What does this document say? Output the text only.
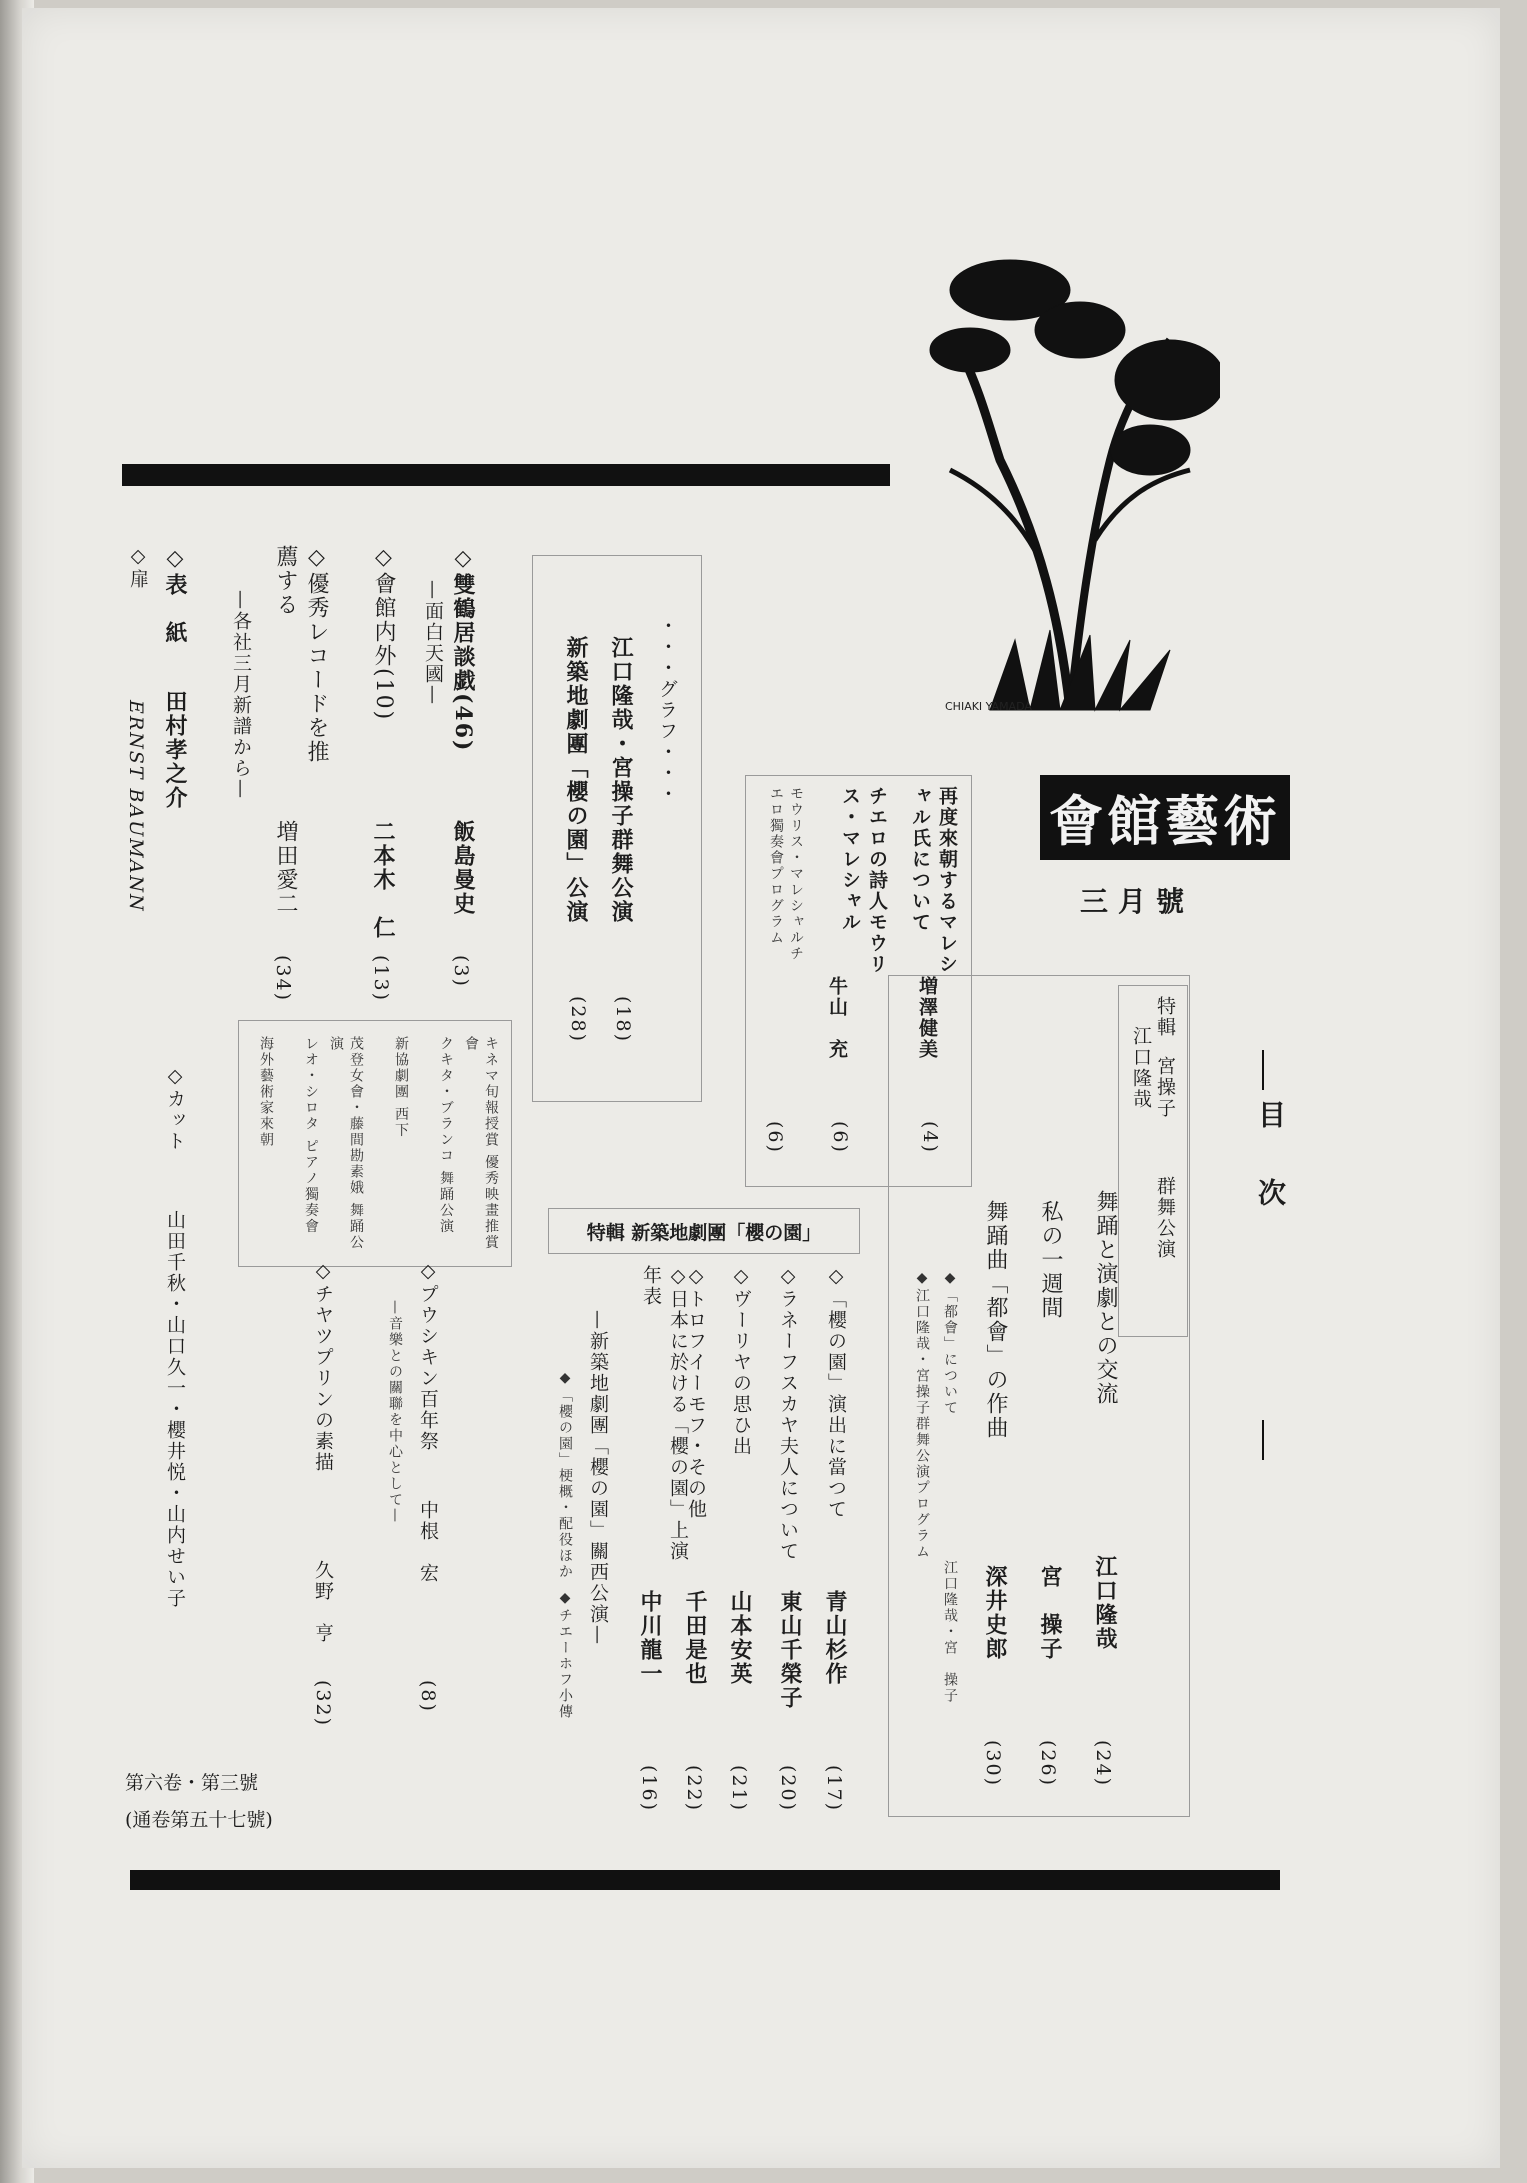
CHIAKI YAMADA
會館藝術
三月號
目次
特輯
江口隆哉 宮操子
群舞公演
舞踊と演劇との交流
江口隆哉
(24)
私の一週間
宮　操子
(26)
舞踊曲「都會」の作曲
深井史郎
(30)
◆「都會」について
江口隆哉・宮　操子
◆江口隆哉・宮操子群舞公演プログラム
再度來朝するマレシャル氏について
増澤健美
(4)
チエロの詩人モウリス・マレシャル
牛山　充
(6)
モウリス・マレシャルチエロ獨奏會プログラム
(6)
特輯 新築地劇團「櫻の園」
◇「櫻の園」演出に當つて
青山杉作
(17)
◇ラネーフスカヤ夫人について
東山千榮子
(20)
◇ヴーリヤの思ひ出
山本安英
(21)
◇トロフイーモフ・その他
千田是也
(22)
◇日本に於ける「櫻の園」上演年表
中川龍一
(16)
—新築地劇團「櫻の園」關西公演—
◆「櫻の園」梗概・配役ほか
◆チエーホフ小傳
・・・グラフ・・・
江口隆哉・宮操子群舞公演
(18)
新築地劇團「櫻の園」公演
(28)
◇雙鶴居談戯(46)
—面白天國—
飯島曼史
(3)
◇會館内外(10)
二本木　仁
(13)
◇優秀レコードを推薦する
—各社三月新譜から—
増田愛二
(34)
キネマ旬報授賞 優秀映畫推賞會
クキタ・ブランコ 舞踊公演
新協劇團 西下
茂登女會・藤間勘素娥 舞踊公演
レオ・シロタ ピアノ獨奏會
海外藝術家來朝
◇プウシキン百年祭
中根　宏
(8)
—音樂との關聯を中心として—
◇チヤツプリンの素描
久野　亨
(32)
◇表　紙
田村孝之介
◇扉
ERNST BAUMANN
◇カット
山田千秋・山口久一・櫻井悦・山内せい子
第六卷・第三號
(通卷第五十七號)
